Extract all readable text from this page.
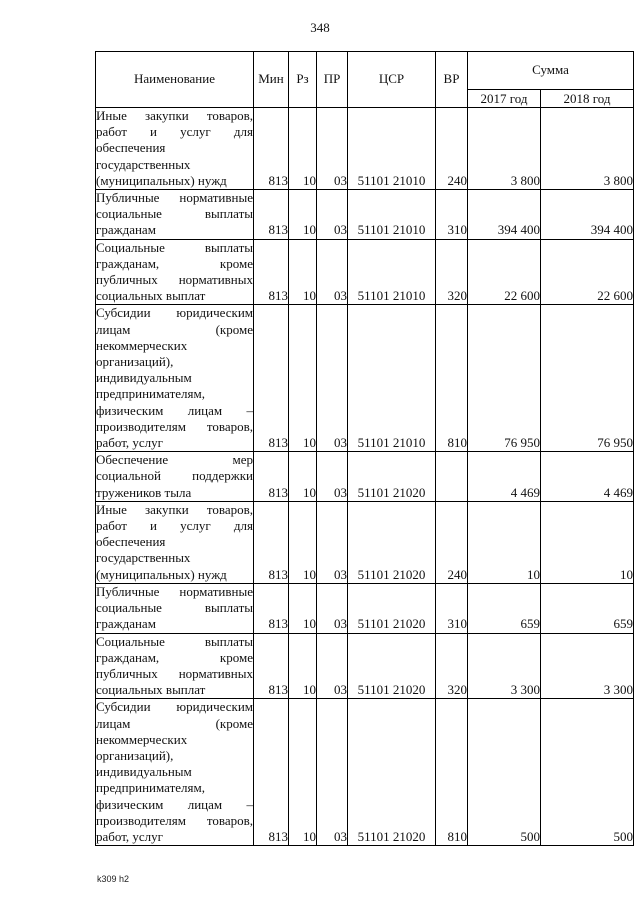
348
Наименование	Мин	Рз	ПР	ЦСР	ВР	Сумма	
						2017 год	2018 год
Иные закупки товаров, работ и услуг для обеспечения государственных (муниципальных) нужд	813	10	03	51101 21010	240	3 800	3 800
Публичные нормативные социальные выплаты гражданам	813	10	03	51101 21010	310	394 400	394 400
Социальные выплаты гражданам, кроме публичных нормативных социальных выплат	813	10	03	51101 21010	320	22 600	22 600
Субсидии юридическим лицам (кроме некоммерческих организаций), индивидуальным предпринимателям, физическим лицам – производителям товаров, работ, услуг	813	10	03	51101 21010	810	76 950	76 950
Обеспечение мер социальной поддержки тружеников тыла	813	10	03	51101 21020		4 469	4 469
Иные закупки товаров, работ и услуг для обеспечения государственных (муниципальных) нужд	813	10	03	51101 21020	240	10	10
Публичные нормативные социальные выплаты гражданам	813	10	03	51101 21020	310	659	659
Социальные выплаты гражданам, кроме публичных нормативных социальных выплат	813	10	03	51101 21020	320	3 300	3 300
Субсидии юридическим лицам (кроме некоммерческих организаций), индивидуальным предпринимателям, физическим лицам – производителям товаров, работ, услуг	813	10	03	51101 21020	810	500	500
k309 h2
